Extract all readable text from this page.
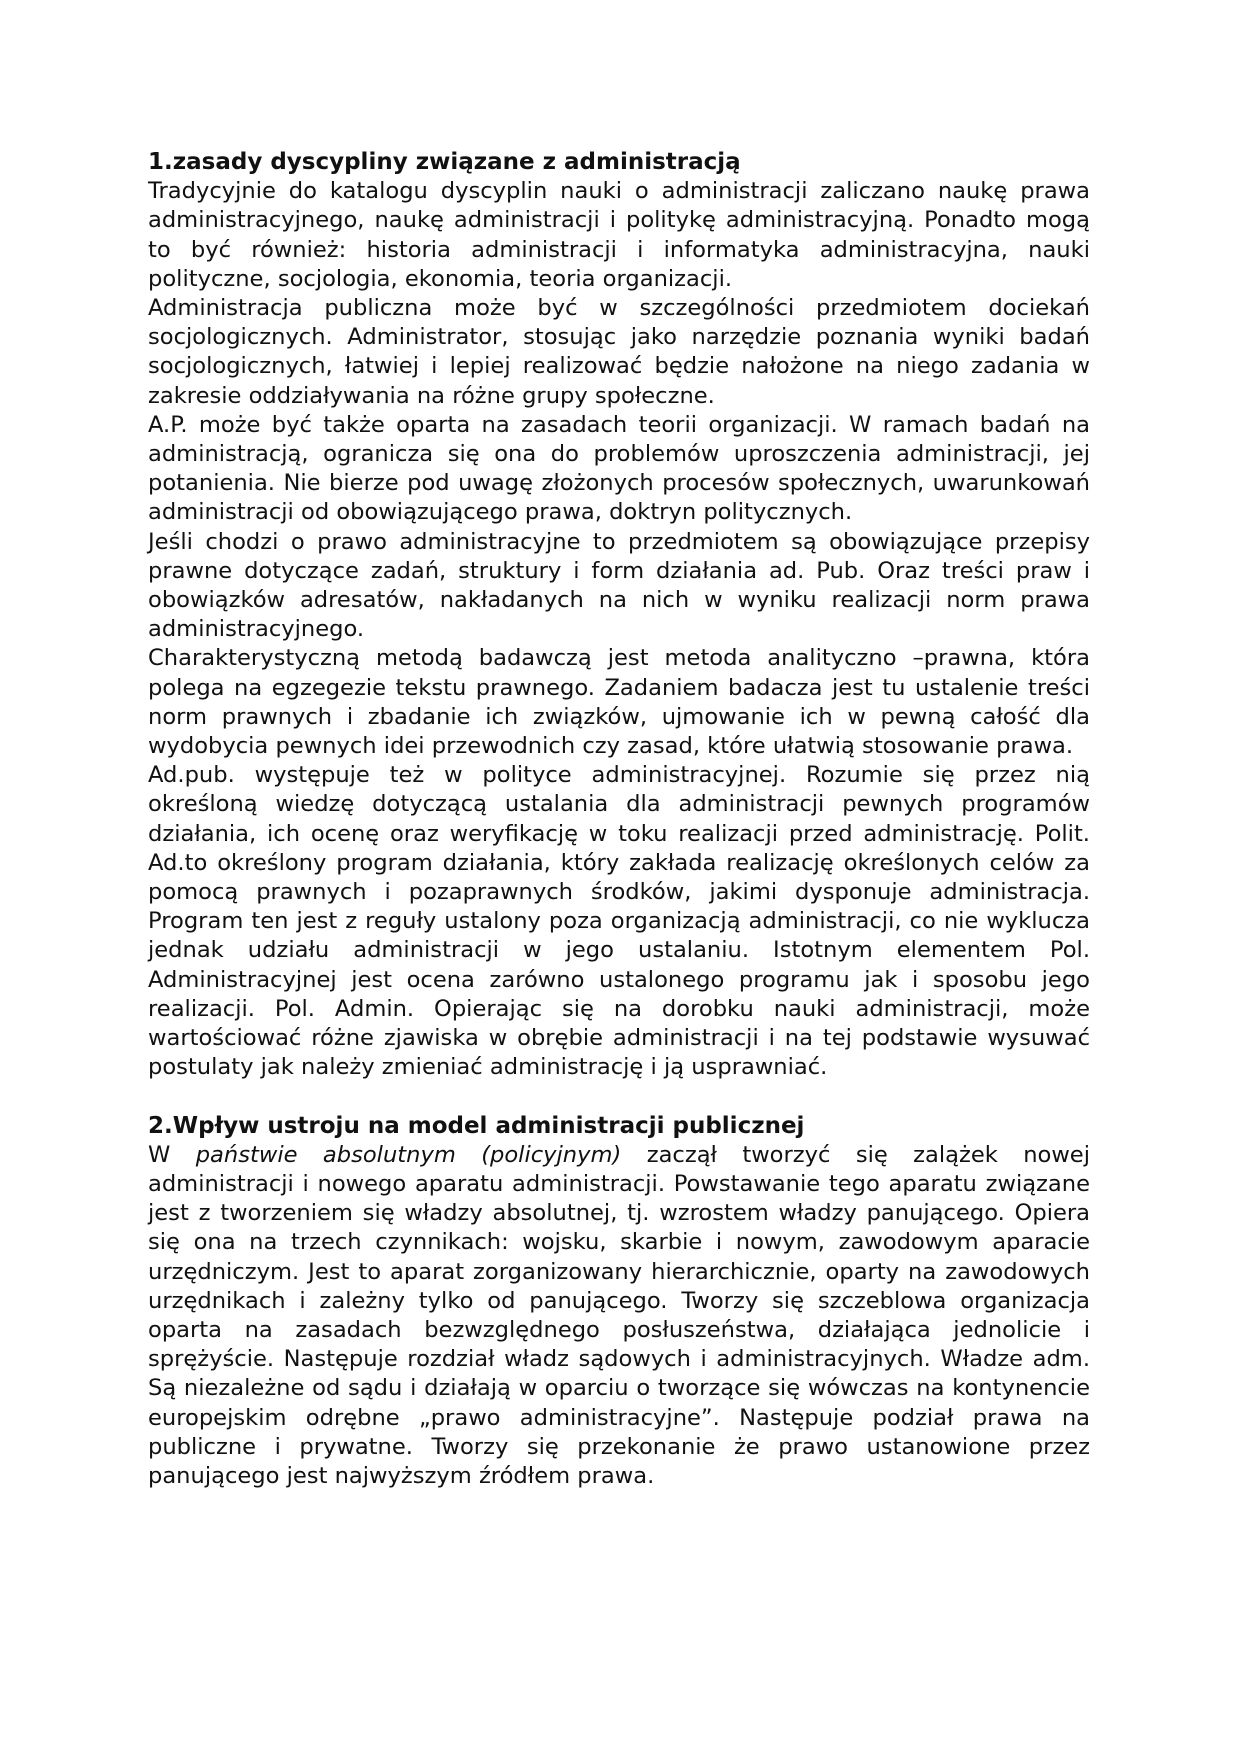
1.zasady dyscypliny związane z administracją

Tradycyjnie do katalogu dyscyplin nauki o administracji zaliczano naukę prawa administracyjnego, naukę administracji i politykę administracyjną. Ponadto mogą to być również: historia administracji i informatyka administracyjna, nauki polityczne, socjologia, ekonomia, teoria organizacji.

Administracja publiczna może być w szczególności przedmiotem dociekań socjologicznych. Administrator, stosując jako narzędzie poznania wyniki badań socjologicznych, łatwiej i lepiej realizować będzie nałożone na niego zadania w zakresie oddziaływania na różne grupy społeczne.

A.P. może być także oparta na zasadach teorii organizacji. W ramach badań na administracją, ogranicza się ona do problemów uproszczenia administracji, jej potanienia. Nie bierze pod uwagę złożonych procesów społecznych, uwarunkowań administracji od obowiązującego prawa, doktryn politycznych.

Jeśli chodzi o prawo administracyjne to przedmiotem są obowiązujące przepisy prawne dotyczące zadań, struktury i form działania ad. Pub. Oraz treści praw i obowiązków adresatów, nakładanych na nich w wyniku realizacji norm prawa administracyjnego.

Charakterystyczną metodą badawczą jest metoda analityczno –prawna, która polega na egzegezie tekstu prawnego. Zadaniem badacza jest tu ustalenie treści norm prawnych i zbadanie ich związków, ujmowanie ich w pewną całość dla wydobycia pewnych idei przewodnich czy zasad, które ułatwią stosowanie prawa.

Ad.pub. występuje też w polityce administracyjnej. Rozumie się przez nią określoną wiedzę dotyczącą ustalania dla administracji pewnych programów działania, ich ocenę oraz weryfikację w toku realizacji przed administrację. Polit. Ad.to określony program działania, który zakłada realizację określonych celów za pomocą prawnych i pozaprawnych środków, jakimi dysponuje administracja. Program ten jest z reguły ustalony poza organizacją administracji, co nie wyklucza jednak udziału administracji w jego ustalaniu. Istotnym elementem Pol. Administracyjnej jest ocena zarówno ustalonego programu jak i sposobu jego realizacji. Pol. Admin. Opierając się na dorobku nauki administracji, może wartościować różne zjawiska w obrębie administracji i na tej podstawie wysuwać postulaty jak należy zmieniać administrację i ją usprawniać.

2.Wpływ ustroju na model administracji publicznej

W państwie absolutnym (policyjnym) zaczął tworzyć się zalążek nowej administracji i nowego aparatu administracji. Powstawanie tego aparatu związane jest z tworzeniem się władzy absolutnej, tj. wzrostem władzy panującego. Opiera się ona na trzech czynnikach: wojsku, skarbie i nowym, zawodowym aparacie urzędniczym. Jest to aparat zorganizowany hierarchicznie, oparty na zawodowych urzędnikach i zależny tylko od panującego. Tworzy się szczeblowa organizacja oparta na zasadach bezwzględnego posłuszeństwa, działająca jednolicie i sprężyście. Następuje rozdział władz sądowych i administracyjnych. Władze adm. Są niezależne od sądu i działają w oparciu o tworzące się wówczas na kontynencie europejskim odrębne „prawo administracyjne”. Następuje podział prawa na publiczne i prywatne. Tworzy się przekonanie że prawo ustanowione przez panującego jest najwyższym źródłem prawa.
